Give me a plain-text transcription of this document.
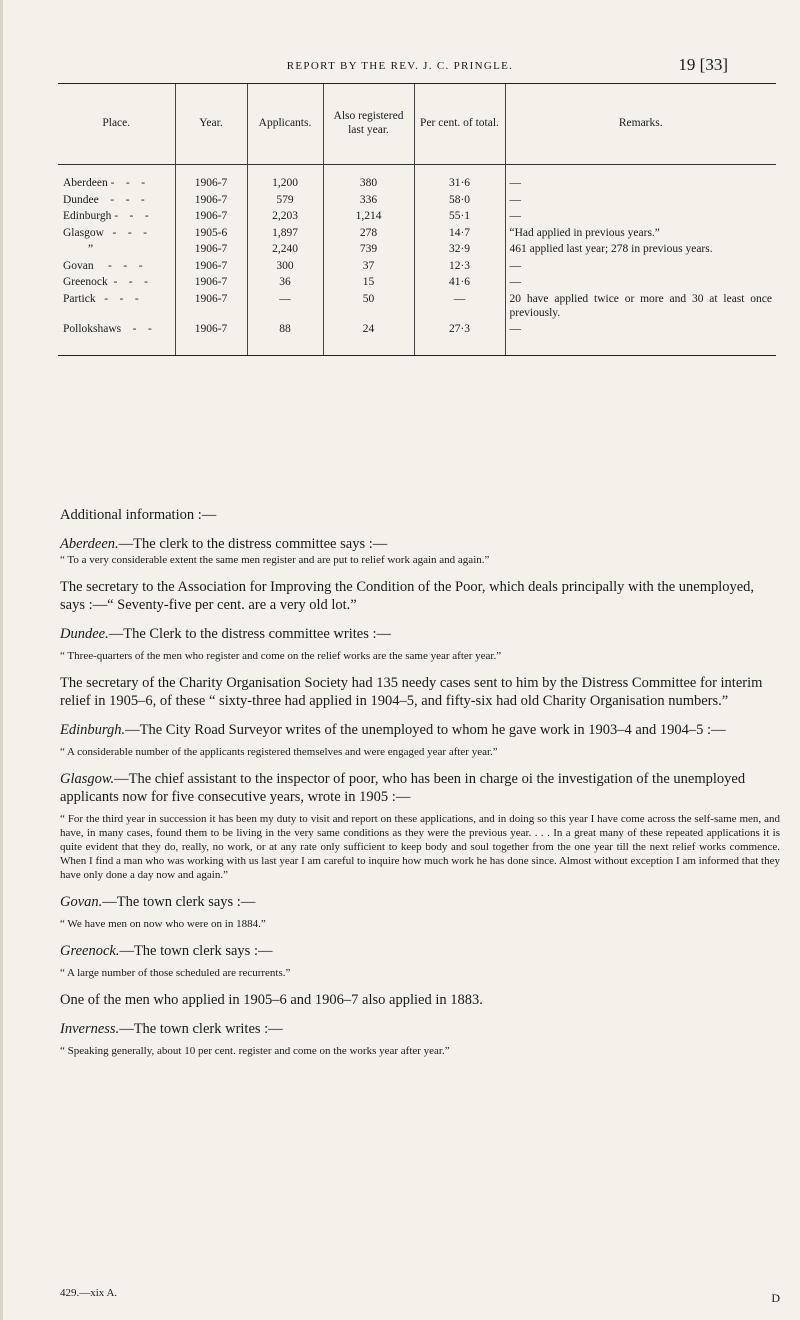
REPORT BY THE REV. J. C. PRINGLE.	19 [33]
Place.	Year.	Applicants.	Also registered last year.	Per cent. of total.	Remarks.
Aberdeen -    -    -	1906-7	1,200	380	31·6	—
Dundee    -    -    -	1906-7	579	336	58·0	—
Edinburgh -    -    -	1906-7	2,203	1,214	55·1	—
Glasgow   -    -    -	1905-6	1,897	278	14·7	“Had applied in previous years.”
”	1906-7	2,240	739	32·9	461 applied last year; 278 in previous years.
Govan     -    -    -	1906-7	300	37	12·3	—
Greenock  -    -    -	1906-7	36	15	41·6	—
Partick   -    -    -	1906-7	—	50	—	20 have applied twice or more and 30 at least once previously.
Pollokshaws    -    -	1906-7	88	24	27·3	—

Additional information :—

Aberdeen.—The clerk to the distress committee says :—

“ To a very considerable extent the same men register and are put to relief work again and again.”

The secretary to the Association for Improving the Condition of the Poor, which deals principally with the unemployed, says :—“ Seventy-five per cent. are a very old lot.”

Dundee.—The Clerk to the distress committee writes :—

“ Three-quarters of the men who register and come on the relief works are the same year after year.”

The secretary of the Charity Organisation Society had 135 needy cases sent to him by the Distress Committee for interim relief in 1905–6, of these “ sixty-three had applied in 1904–5, and fifty-six had old Charity Organisation numbers.”

Edinburgh.—The City Road Surveyor writes of the unemployed to whom he gave work in 1903–4 and 1904–5 :—

“ A considerable number of the applicants registered themselves and were engaged year after year.”

Glasgow.—The chief assistant to the inspector of poor, who has been in charge oi the investigation of the unemployed applicants now for five consecutive years, wrote in 1905 :—

“ For the third year in succession it has been my duty to visit and report on these applications, and in doing so this year I have come across the self-same men, and have, in many cases, found them to be living in the very same conditions as they were the previous year. . . . In a great many of these repeated applications it is quite evident that they do, really, no work, or at any rate only sufficient to keep body and soul together from the one year till the next relief works commence. When I find a man who was working with us last year I am careful to inquire how much work he has done since. Almost without exception I am informed that they have only done a day now and again.”

Govan.—The town clerk says :—

“ We have men on now who were on in 1884.”

Greenock.—The town clerk says :—

“ A large number of those scheduled are recurrents.”

One of the men who applied in 1905–6 and 1906–7 also applied in 1883.

Inverness.—The town clerk writes :—

“ Speaking generally, about 10 per cent. register and come on the works year after year.”

429.—xix A.	D
